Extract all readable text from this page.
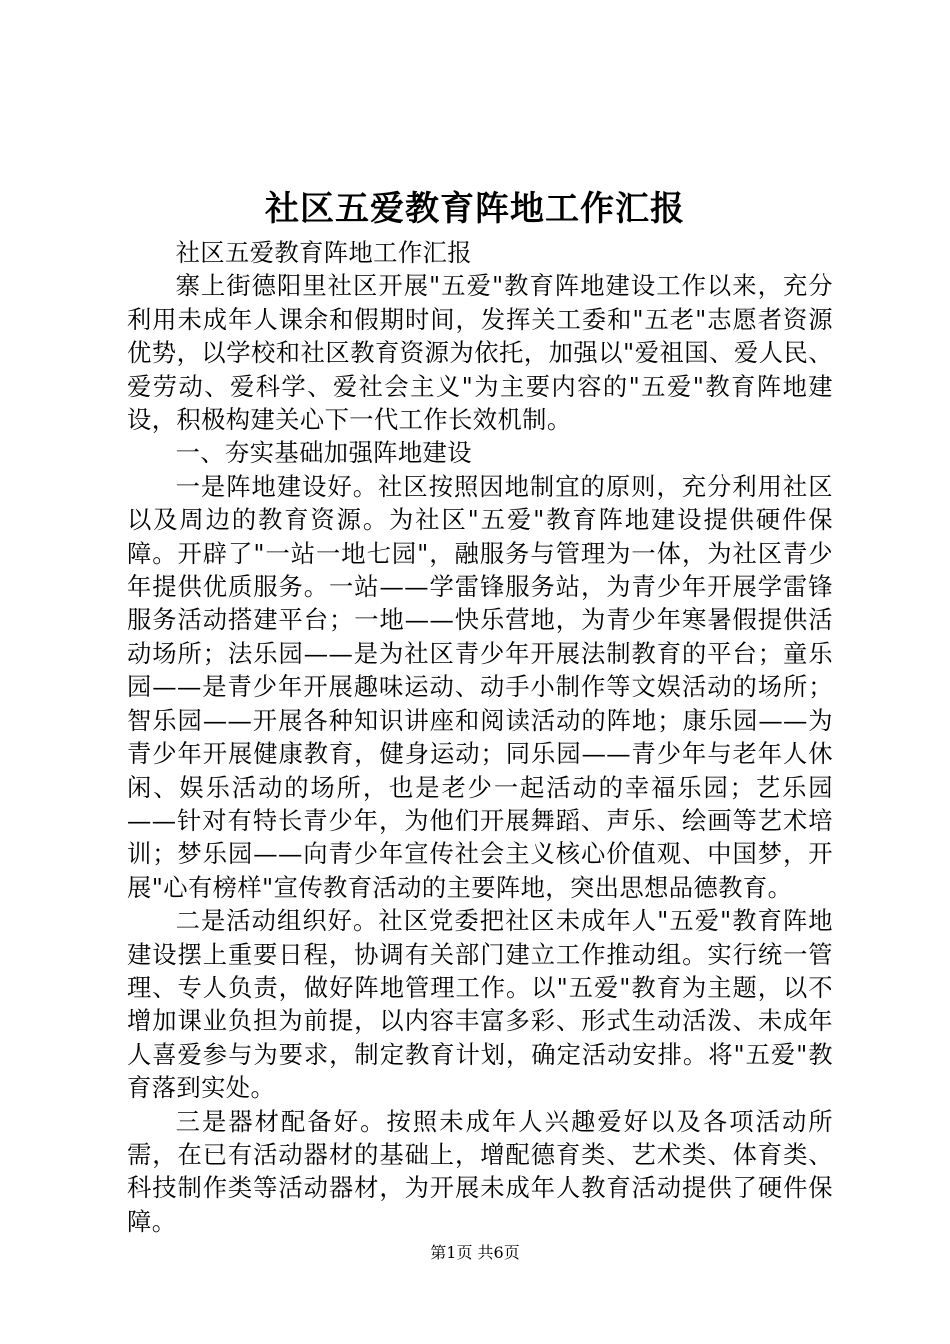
社区五爱教育阵地工作汇报

社区五爱教育阵地工作汇报

寨上街德阳里社区开展"五爱"教育阵地建设工作以来，充分利用未成年人课余和假期时间，发挥关工委和"五老"志愿者资源优势，以学校和社区教育资源为依托，加强以"爱祖国、爱人民、爱劳动、爱科学、爱社会主义"为主要内容的"五爱"教育阵地建设，积极构建关心下一代工作长效机制。

一、夯实基础加强阵地建设

一是阵地建设好。社区按照因地制宜的原则，充分利用社区以及周边的教育资源。为社区"五爱"教育阵地建设提供硬件保障。开辟了"一站一地七园"，融服务与管理为一体，为社区青少年提供优质服务。一站——学雷锋服务站，为青少年开展学雷锋服务活动搭建平台；一地——快乐营地，为青少年寒暑假提供活动场所；法乐园——是为社区青少年开展法制教育的平台；童乐园——是青少年开展趣味运动、动手小制作等文娱活动的场所；智乐园——开展各种知识讲座和阅读活动的阵地；康乐园——为青少年开展健康教育，健身运动；同乐园——青少年与老年人休闲、娱乐活动的场所，也是老少一起活动的幸福乐园；艺乐园——针对有特长青少年，为他们开展舞蹈、声乐、绘画等艺术培训；梦乐园——向青少年宣传社会主义核心价值观、中国梦，开展"心有榜样"宣传教育活动的主要阵地，突出思想品德教育。

二是活动组织好。社区党委把社区未成年人"五爱"教育阵地建设摆上重要日程，协调有关部门建立工作推动组。实行统一管理、专人负责，做好阵地管理工作。以"五爱"教育为主题，以不增加课业负担为前提，以内容丰富多彩、形式生动活泼、未成年人喜爱参与为要求，制定教育计划，确定活动安排。将"五爱"教育落到实处。

三是器材配备好。按照未成年人兴趣爱好以及各项活动所需，在已有活动器材的基础上，增配德育类、艺术类、体育类、科技制作类等活动器材，为开展未成年人教育活动提供了硬件保障。

第1页 共6页
